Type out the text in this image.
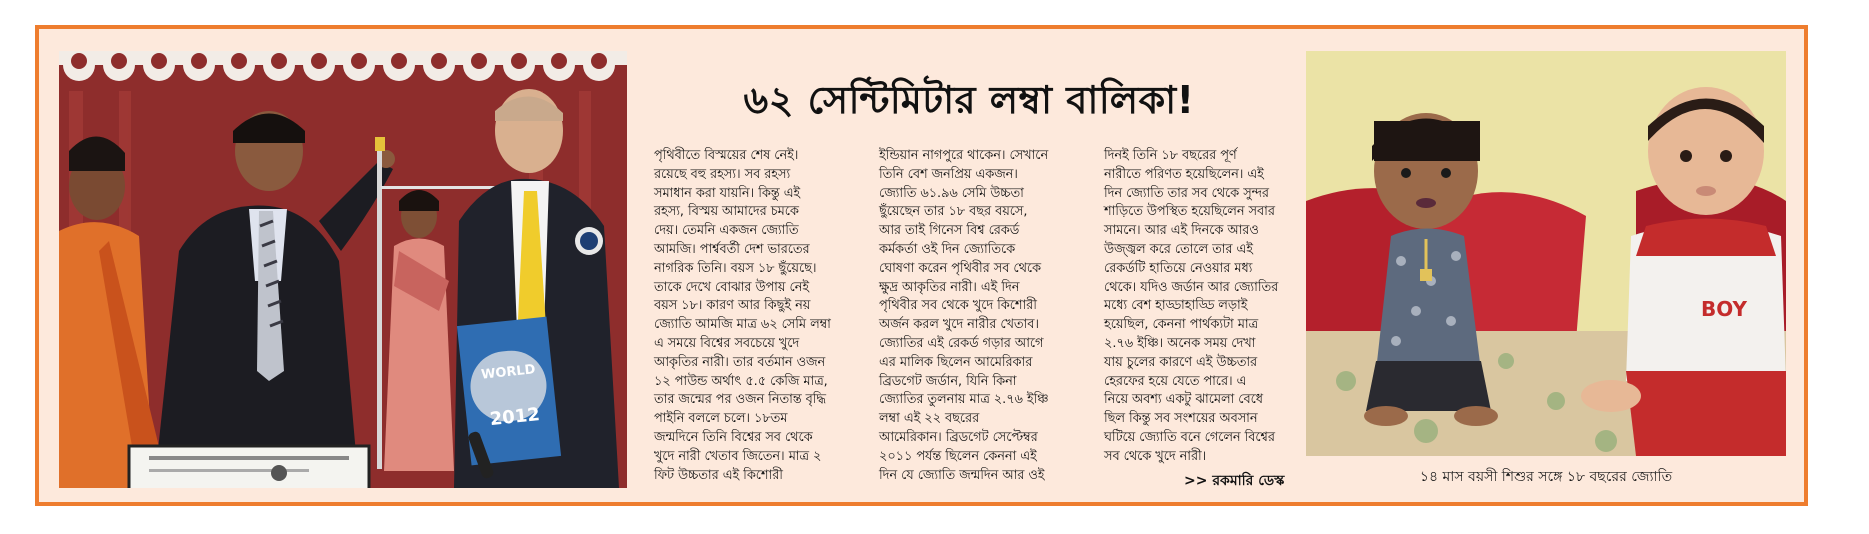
WORLD
2012
৬২ সেন্টিমিটার লম্বা বালিকা!
পৃথিবীতে বিস্ময়ের শেষ নেই।
রয়েছে বহু রহস্য। সব রহস্য
সমাধান করা যায়নি। কিন্তু এই
রহস্য, বিস্ময় আমাদের চমকে
দেয়। তেমনি একজন জ্যোতি
আমজি। পার্শ্ববর্তী দেশ ভারতের
নাগরিক তিনি। বয়স ১৮ ছুঁয়েছে।
তাকে দেখে বোঝার উপায় নেই
বয়স ১৮। কারণ আর কিছুই নয়
জ্যোতি আমজি মাত্র ৬২ সেমি লম্বা
এ সময়ে বিশ্বের সবচেয়ে খুদে
আকৃতির নারী। তার বর্তমান ওজন
১২ পাউন্ড অর্থাৎ ৫.৫ কেজি মাত্র,
তার জন্মের পর ওজন নিতান্ত বৃদ্ধি
পাইনি বললে চলে। ১৮তম
জন্মদিনে তিনি বিশ্বের সব থেকে
খুদে নারী খেতাব জিতেন। মাত্র ২
ফিট উচ্চতার এই কিশোরী
ইন্ডিয়ান নাগপুরে থাকেন। সেখানে
তিনি বেশ জনপ্রিয় একজন।
জ্যোতি ৬১.৯৬ সেমি উচ্চতা
ছুঁয়েছেন তার ১৮ বছর বয়সে,
আর তাই গিনেস বিশ্ব রেকর্ড
কর্মকর্তা ওই দিন জ্যোতিকে
ঘোষণা করেন পৃথিবীর সব থেকে
ক্ষুদ্র আকৃতির নারী। এই দিন
পৃথিবীর সব থেকে খুদে কিশোরী
অর্জন করল খুদে নারীর খেতাব।
জ্যোতির এই রেকর্ড গড়ার আগে
এর মালিক ছিলেন আমেরিকার
ব্রিডগেট জর্ডান, যিনি কিনা
জ্যোতির তুলনায় মাত্র ২.৭৬ ইঞ্চি
লম্বা এই ২২ বছরের
আমেরিকান। ব্রিডগেট সেপ্টেম্বর
২০১১ পর্যন্ত ছিলেন কেননা এই
দিন যে জ্যোতি জন্মদিন আর ওই
দিনই তিনি ১৮ বছরের পূর্ণ
নারীতে পরিণত হয়েছিলেন। এই
দিন জ্যোতি তার সব থেকে সুন্দর
শাড়িতে উপস্থিত হয়েছিলেন সবার
সামনে। আর এই দিনকে আরও
উজ্জ্বল করে তোলে তার এই
রেকর্ডটি হাতিয়ে নেওয়ার মধ্য
থেকে। যদিও জর্ডান আর জ্যোতির
মধ্যে বেশ হাড্ডাহাড্ডি লড়াই
হয়েছিল, কেননা পার্থক্যটা মাত্র
২.৭৬ ইঞ্চি। অনেক সময় দেখা
যায় চুলের কারণে এই উচ্চতার
হেরফের হয়ে যেতে পারে। এ
নিয়ে অবশ্য একটু ঝামেলা বেধে
ছিল কিন্তু সব সংশয়ের অবসান
ঘটিয়ে জ্যোতি বনে গেলেন বিশ্বের
সব থেকে খুদে নারী।
>> রকমারি ডেস্ক
BOY
১৪ মাস বয়সী শিশুর সঙ্গে ১৮ বছরের জ্যোতি
